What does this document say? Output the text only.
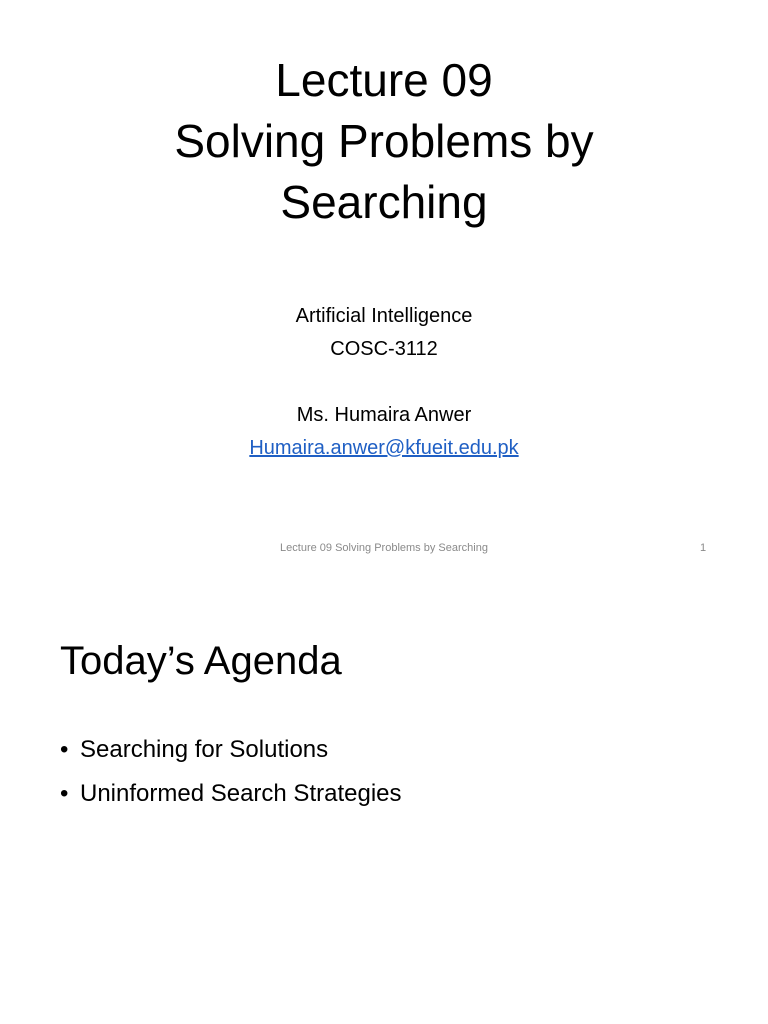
Lecture 09
Solving Problems by
Searching
Artificial Intelligence
COSC-3112
Ms. Humaira Anwer
Humaira.anwer@kfueit.edu.pk
Lecture 09 Solving Problems by Searching	1
Today’s Agenda
• Searching for Solutions
• Uninformed Search Strategies
